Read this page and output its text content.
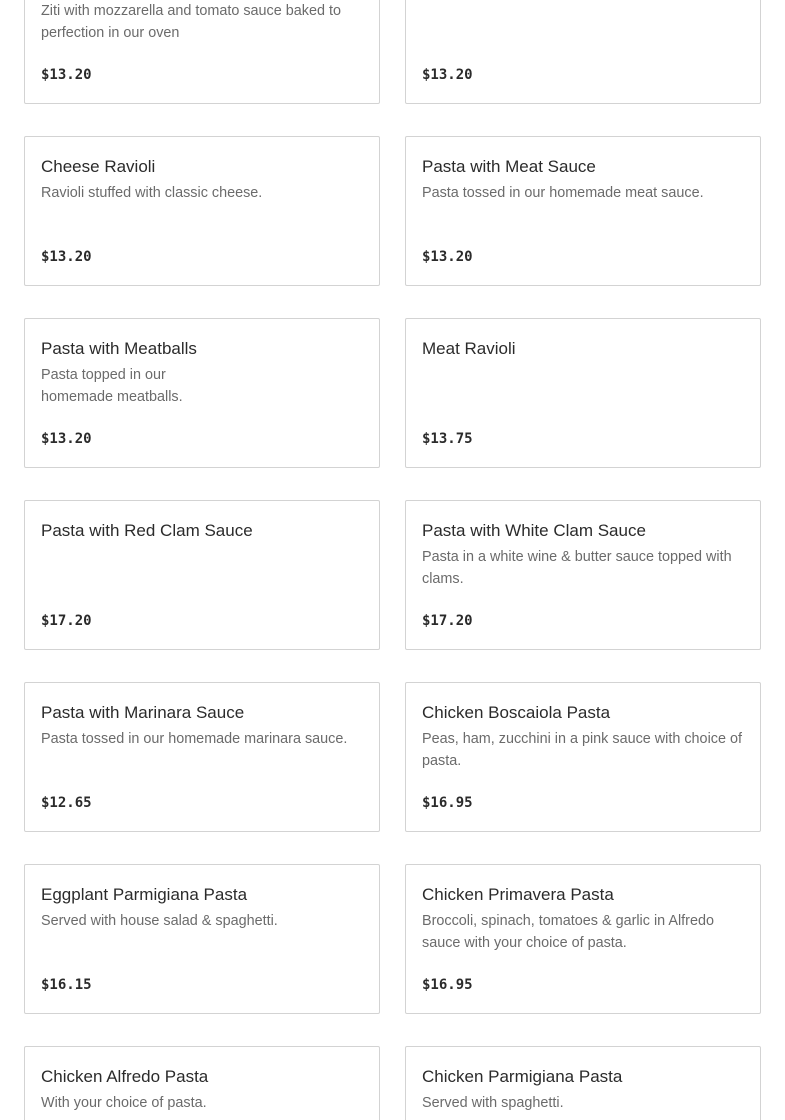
Ziti with mozzarella and tomato sauce baked to perfection in our oven
$13.20	$13.20
Cheese Ravioli
Ravioli stuffed with classic cheese.
$13.20
Pasta with Meat Sauce
Pasta tossed in our homemade meat sauce.
$13.20
Pasta with Meatballs
Pasta topped in our homemade meatballs.
$13.20
Meat Ravioli
$13.75
Pasta with Red Clam Sauce
$17.20
Pasta with White Clam Sauce
Pasta in a white wine & butter sauce topped with clams.
$17.20
Pasta with Marinara Sauce
Pasta tossed in our homemade marinara sauce.
$12.65
Chicken Boscaiola Pasta
Peas, ham, zucchini in a pink sauce with choice of pasta.
$16.95
Eggplant Parmigiana Pasta
Served with house salad & spaghetti.
$16.15
Chicken Primavera Pasta
Broccoli, spinach, tomatoes & garlic in Alfredo sauce with your choice of pasta.
$16.95
Chicken Alfredo Pasta
With your choice of pasta.
Chicken Parmigiana Pasta
Served with spaghetti.
